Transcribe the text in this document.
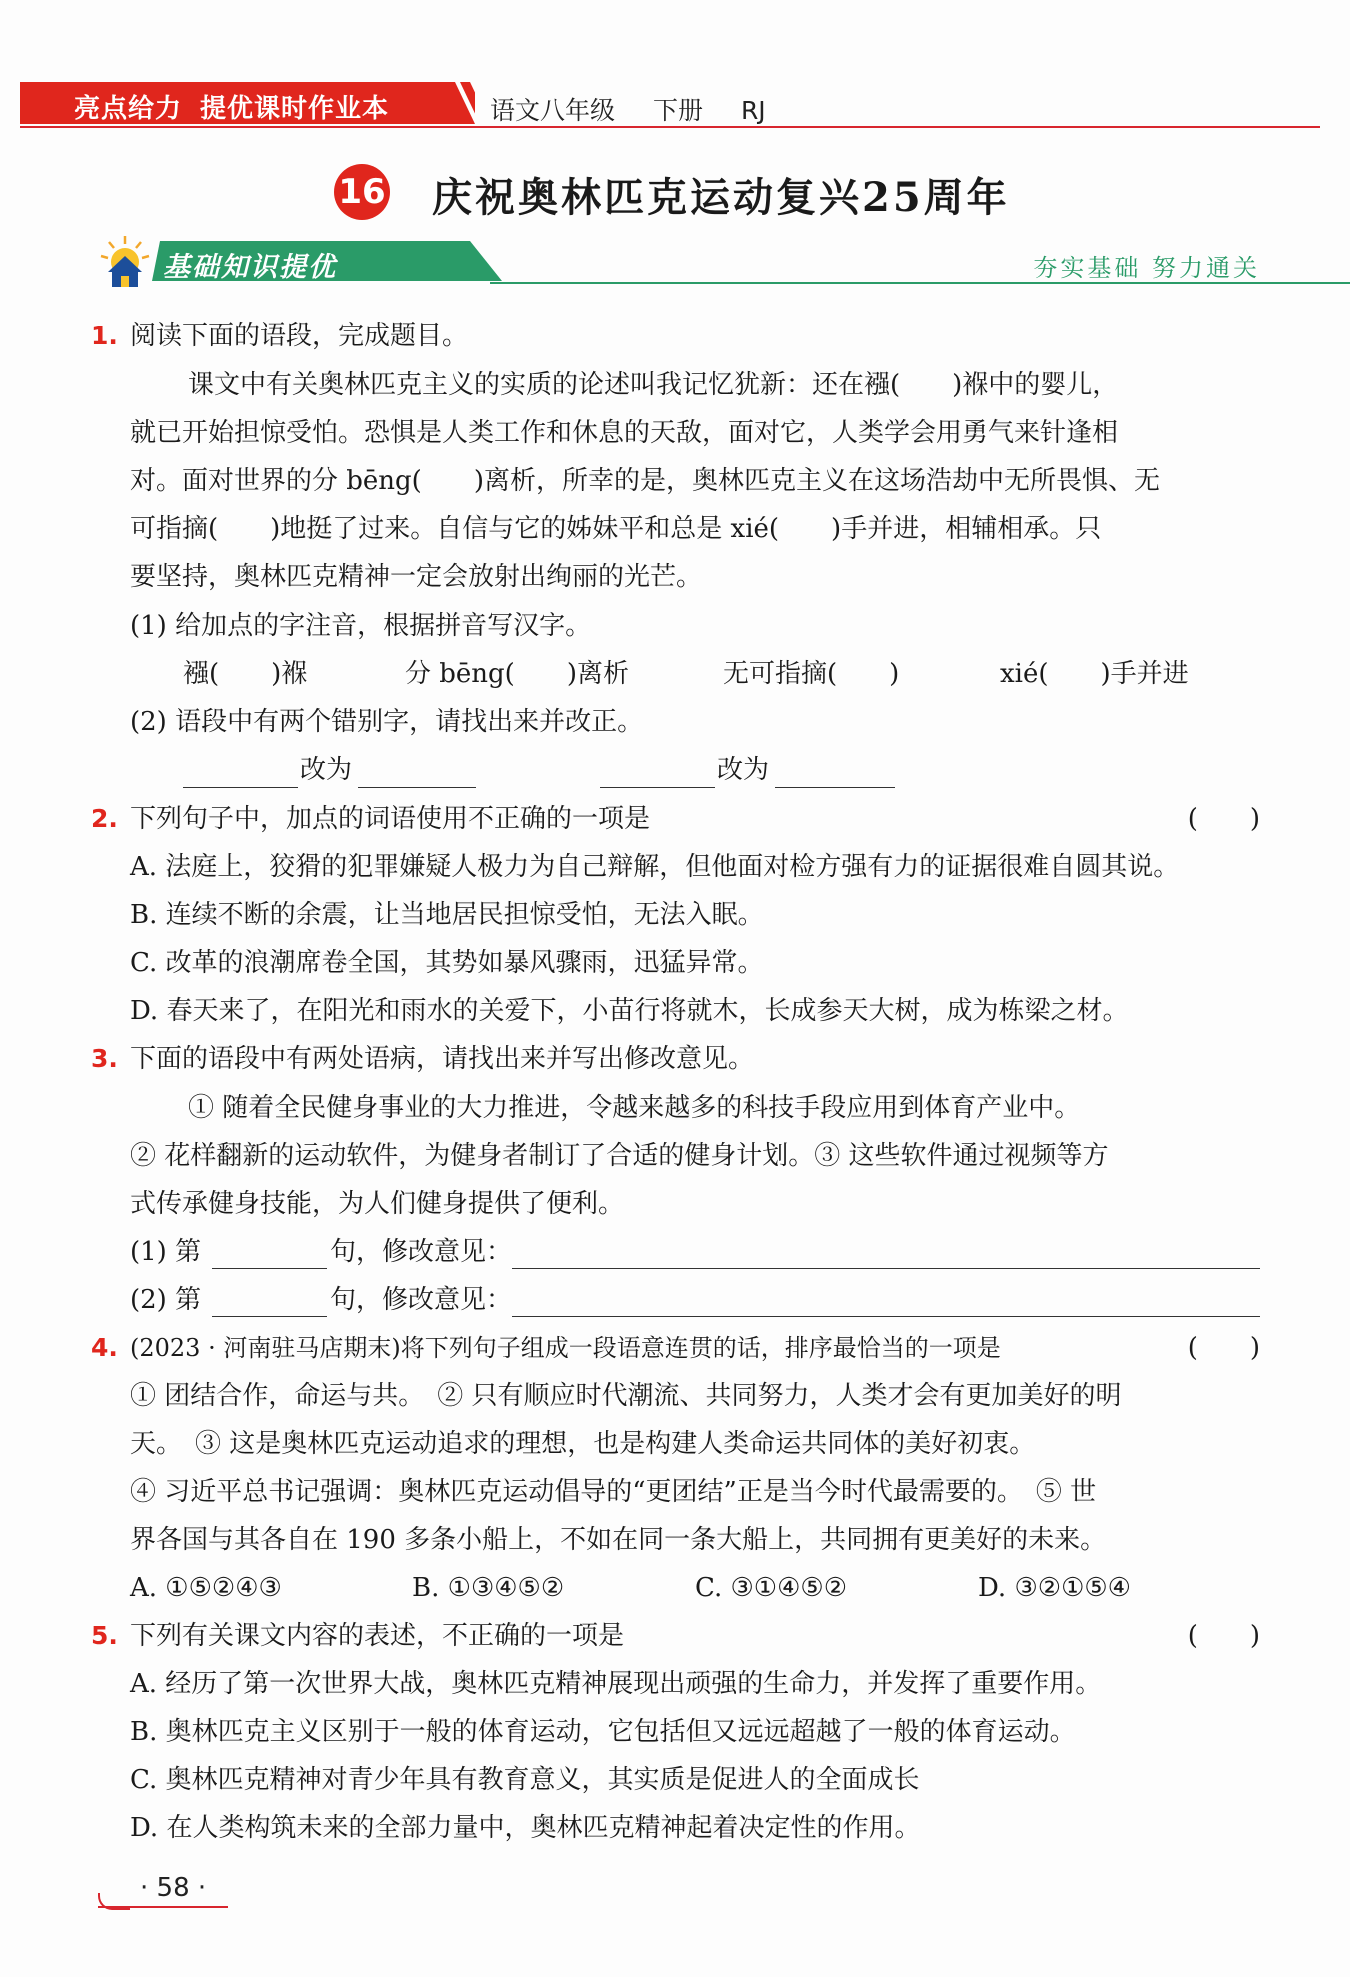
亮点给力 提优课时作业本	语文八年级 下册 RJ
16 庆祝奥林匹克运动复兴25周年
基础知识提优	夯实基础 努力通关
1. 阅读下面的语段，完成题目。
课文中有关奥林匹克主义的实质的论述叫我记忆犹新：还在襁(　　)褓中的婴儿，
就已开始担惊受怕。恐惧是人类工作和休息的天敌，面对它，人类学会用勇气来针逢相
对。面对世界的分 bēng(　　)离析，所幸的是，奥林匹克主义在这场浩劫中无所畏惧、无
可指摘(　　)地挺了过来。自信与它的姊妹平和总是 xié(　　)手并进，相辅相承。只
要坚持，奥林匹克精神一定会放射出绚丽的光芒。
(1) 给加点的字注音，根据拼音写汉字。
襁(　　)褓	分 bēng(　　)离析	无可指摘(　　)	xié(　　)手并进
(2) 语段中有两个错别字，请找出来并改正。
改为	改为
2. 下列句子中，加点的词语使用不正确的一项是	(　　)
A. 法庭上，狡猾的犯罪嫌疑人极力为自己辩解，但他面对检方强有力的证据很难自圆其说。
B. 连续不断的余震，让当地居民担惊受怕，无法入眠。
C. 改革的浪潮席卷全国，其势如暴风骤雨，迅猛异常。
D. 春天来了，在阳光和雨水的关爱下，小苗行将就木，长成参天大树，成为栋梁之材。
3. 下面的语段中有两处语病，请找出来并写出修改意见。
① 随着全民健身事业的大力推进，令越来越多的科技手段应用到体育产业中。
② 花样翻新的运动软件，为健身者制订了合适的健身计划。③ 这些软件通过视频等方
式传承健身技能，为人们健身提供了便利。
(1) 第	句，修改意见：
(2) 第	句，修改意见：
4. (2023 · 河南驻马店期末)将下列句子组成一段语意连贯的话，排序最恰当的一项是	(　　)
① 团结合作，命运与共。　② 只有顺应时代潮流、共同努力，人类才会有更加美好的明
天。　③ 这是奥林匹克运动追求的理想，也是构建人类命运共同体的美好初衷。
④ 习近平总书记强调：奥林匹克运动倡导的“更团结”正是当今时代最需要的。　⑤ 世
界各国与其各自在 190 多条小船上，不如在同一条大船上，共同拥有更美好的未来。
A. ①⑤②④③	B. ①③④⑤②	C. ③①④⑤②	D. ③②①⑤④
5. 下列有关课文内容的表述，不正确的一项是	(　　)
A. 经历了第一次世界大战，奥林匹克精神展现出顽强的生命力，并发挥了重要作用。
B. 奥林匹克主义区别于一般的体育运动，它包括但又远远超越了一般的体育运动。
C. 奥林匹克精神对青少年具有教育意义，其实质是促进人的全面成长
D. 在人类构筑未来的全部力量中，奥林匹克精神起着决定性的作用。
· 58 ·
